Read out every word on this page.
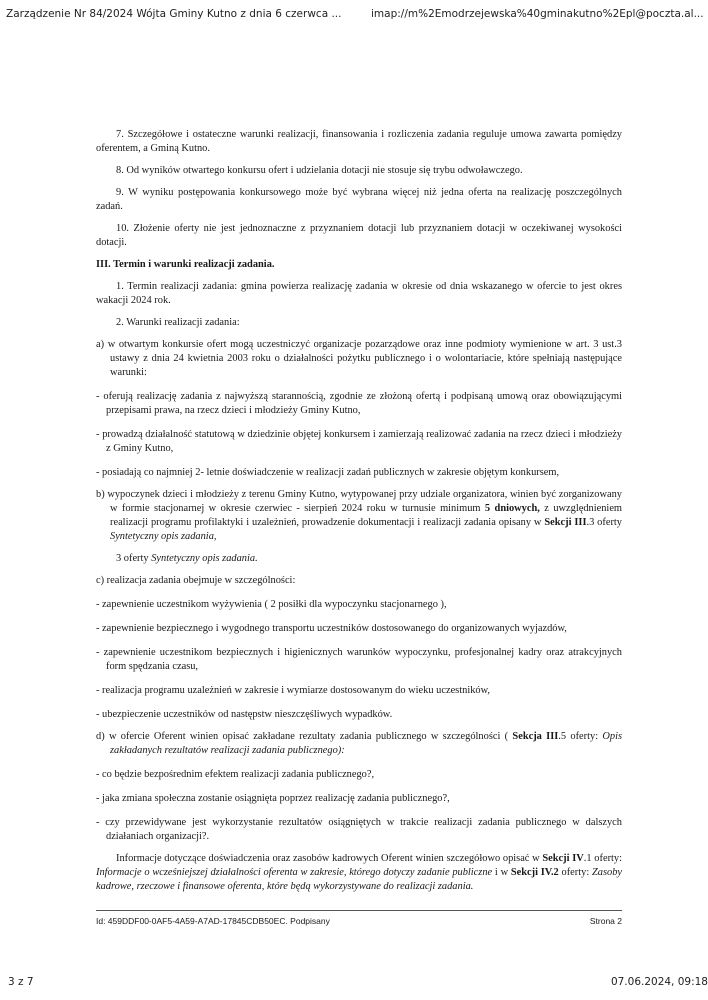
Zarządzenie Nr 84/2024 Wójta Gminy Kutno z dnia 6 czerwca ...	imap://m%2Emodrzejewska%40gminakutno%2Epl@poczta.al...

7. Szczegółowe i ostateczne warunki realizacji, finansowania i rozliczenia zadania reguluje umowa zawarta pomiędzy oferentem, a Gminą Kutno.

8. Od wyników otwartego konkursu ofert i udzielania dotacji nie stosuje się trybu odwoławczego.

9. W wyniku postępowania konkursowego może być wybrana więcej niż jedna oferta na realizację poszczególnych zadań.

10. Złożenie oferty nie jest jednoznaczne z przyznaniem dotacji lub przyznaniem dotacji w oczekiwanej wysokości dotacji.

III. Termin i warunki realizacji zadania.

1. Termin realizacji zadania: gmina powierza realizację zadania w okresie od dnia wskazanego w ofercie to jest okres wakacji 2024 rok.

2. Warunki realizacji zadania:

a) w otwartym konkursie ofert mogą uczestniczyć organizacje pozarządowe oraz inne podmioty wymienione w art. 3 ust.3 ustawy z dnia 24 kwietnia 2003 roku o działalności pożytku publicznego i o wolontariacie, które spełniają następujące warunki:

- oferują realizację zadania z najwyższą starannością, zgodnie ze złożoną ofertą i podpisaną umową oraz obowiązującymi przepisami prawa, na rzecz dzieci i młodzieży Gminy Kutno,

- prowadzą działalność statutową w dziedzinie objętej konkursem i zamierzają realizować zadania na rzecz dzieci i młodzieży z Gminy Kutno,

- posiadają co najmniej 2- letnie doświadczenie w realizacji zadań publicznych w zakresie objętym konkursem,

b) wypoczynek dzieci i młodzieży z terenu Gminy Kutno, wytypowanej przy udziale organizatora, winien być zorganizowany w formie stacjonarnej w okresie czerwiec - sierpień 2024 roku w turnusie minimum 5 dniowych, z uwzględnieniem realizacji programu profilaktyki i uzależnień, prowadzenie dokumentacji i realizacji zadania opisany w Sekcji III.3 oferty Syntetyczny opis zadania,

3 oferty Syntetyczny opis zadania.

c) realizacja zadania obejmuje w szczególności:

- zapewnienie uczestnikom wyżywienia ( 2 posiłki dla wypoczynku stacjonarnego ),

- zapewnienie bezpiecznego i wygodnego transportu uczestników dostosowanego do organizowanych wyjazdów,

- zapewnienie uczestnikom bezpiecznych i higienicznych warunków wypoczynku, profesjonalnej kadry oraz atrakcyjnych form spędzania czasu,

- realizacja programu uzależnień w zakresie i wymiarze dostosowanym do wieku uczestników,

- ubezpieczenie uczestników od następstw nieszczęśliwych wypadków.

d) w ofercie Oferent winien opisać zakładane rezultaty zadania publicznego w szczególności ( Sekcja III.5 oferty: Opis zakładanych rezultatów realizacji zadania publicznego):

- co będzie bezpośrednim efektem realizacji zadania publicznego?,

- jaka zmiana społeczna zostanie osiągnięta poprzez realizację zadania publicznego?,

- czy przewidywane jest wykorzystanie rezultatów osiągniętych w trakcie realizacji zadania publicznego w dalszych działaniach organizacji?.

Informacje dotyczące doświadczenia oraz zasobów kadrowych Oferent winien szczegółowo opisać w Sekcji IV.1 oferty: Informacje o wcześniejszej działalności oferenta w zakresie, którego dotyczy zadanie publiczne i w Sekcji IV.2 oferty: Zasoby kadrowe, rzeczowe i finansowe oferenta, które będą wykorzystywane do realizacji zadania.

Id: 459DDF00-0AF5-4A59-A7AD-17845CDB50EC. Podpisany	Strona 2
3 z 7	07.06.2024, 09:18
